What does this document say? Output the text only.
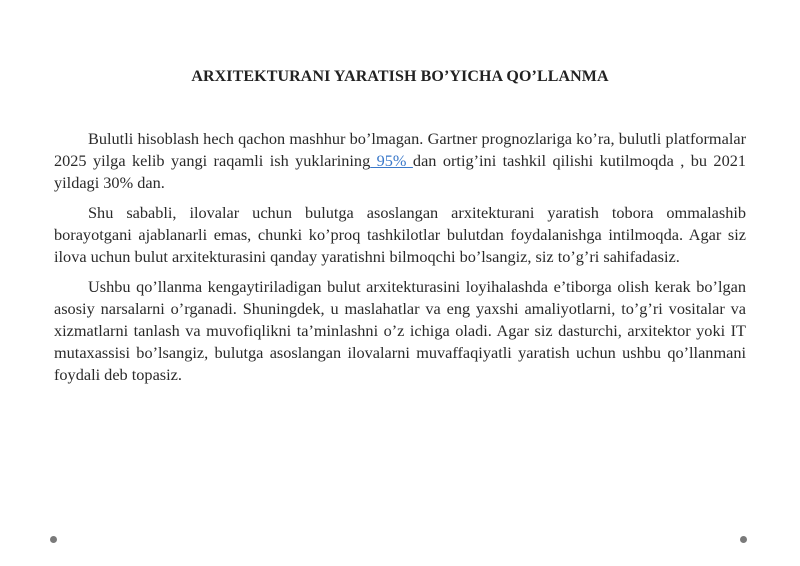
ARXITEKTURANI YARATISH BO’YICHA QO’LLANMA

Bulutli hisoblash hech qachon mashhur bo’lmagan. Gartner prognozlariga ko’ra, bulutli platformalar 2025 yilga kelib yangi raqamli ish yuklarining 95% dan ortig’ini tashkil qilishi kutilmoqda , bu 2021 yildagi 30% dan.

Shu sababli, ilovalar uchun bulutga asoslangan arxitekturani yaratish tobora ommalashib borayotgani ajablanarli emas, chunki ko’proq tashkilotlar bulutdan foydalanishga intilmoqda. Agar siz ilova uchun bulut arxitekturasini qanday yaratishni bilmoqchi bo’lsangiz, siz to’g’ri sahifadasiz.

Ushbu qo’llanma kengaytiriladigan bulut arxitekturasini loyihalashda e’tiborga olish kerak bo’lgan asosiy narsalarni o’rganadi. Shuningdek, u maslahatlar va eng yaxshi amaliyotlarni, to’g’ri vositalar va xizmatlarni tanlash va muvofiqlikni ta’minlashni o’z ichiga oladi. Agar siz dasturchi, arxitektor yoki IT mutaxassisi bo’lsangiz, bulutga asoslangan ilovalarni muvaffaqiyatli yaratish uchun ushbu qo’llanmani foydali deb topasiz.
